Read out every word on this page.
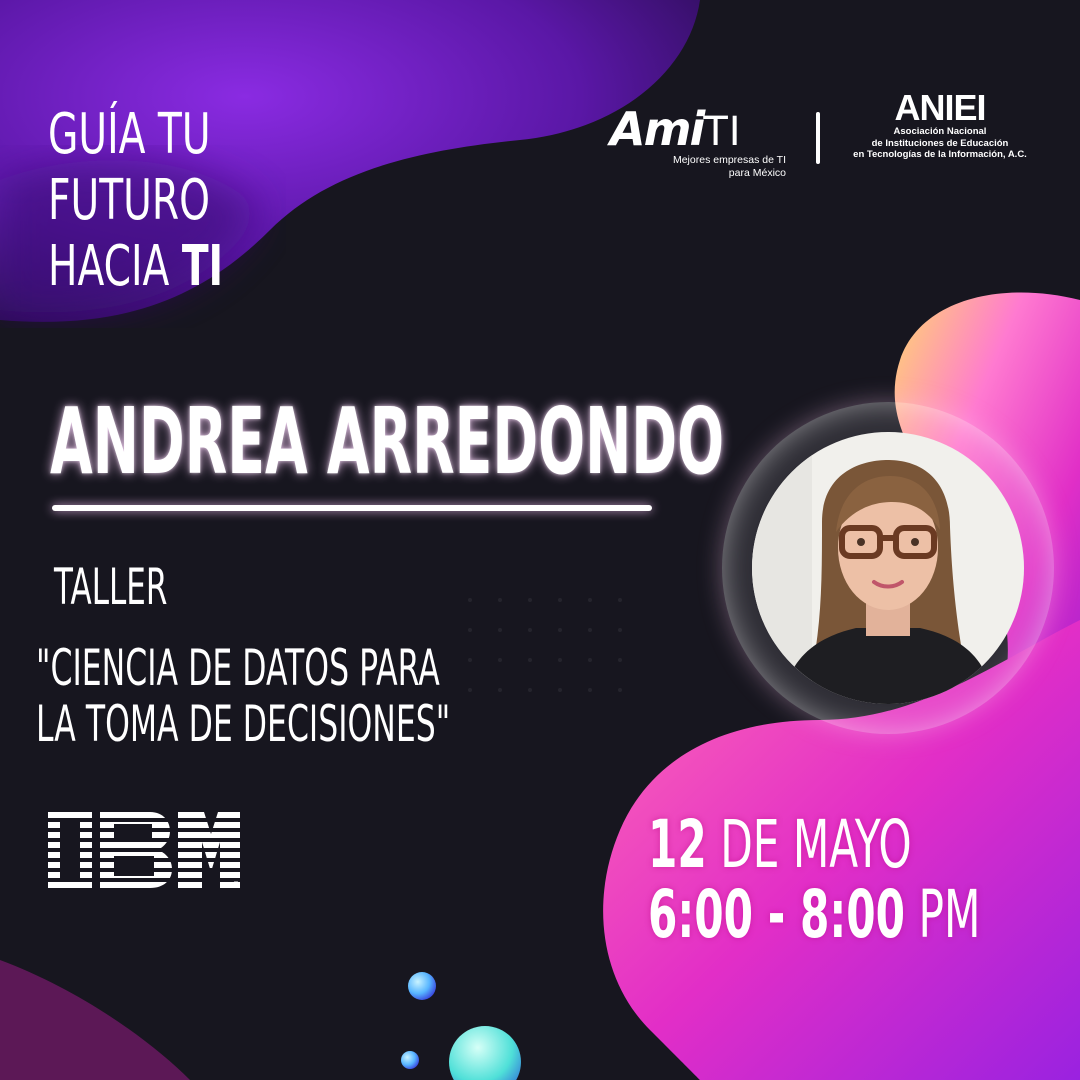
GUÍA TU
FUTURO
HACIA TI
AmiTI
Mejores empresas de TI
para México
ANIEI
Asociación Nacional
de Instituciones de Educación
en Tecnologías de la Información, A.C.
ANDREA ARREDONDO
TALLER
"CIENCIA DE DATOS PARA
LA TOMA DE DECISIONES"
®
12 DE MAYO
6:00 - 8:00 PM
